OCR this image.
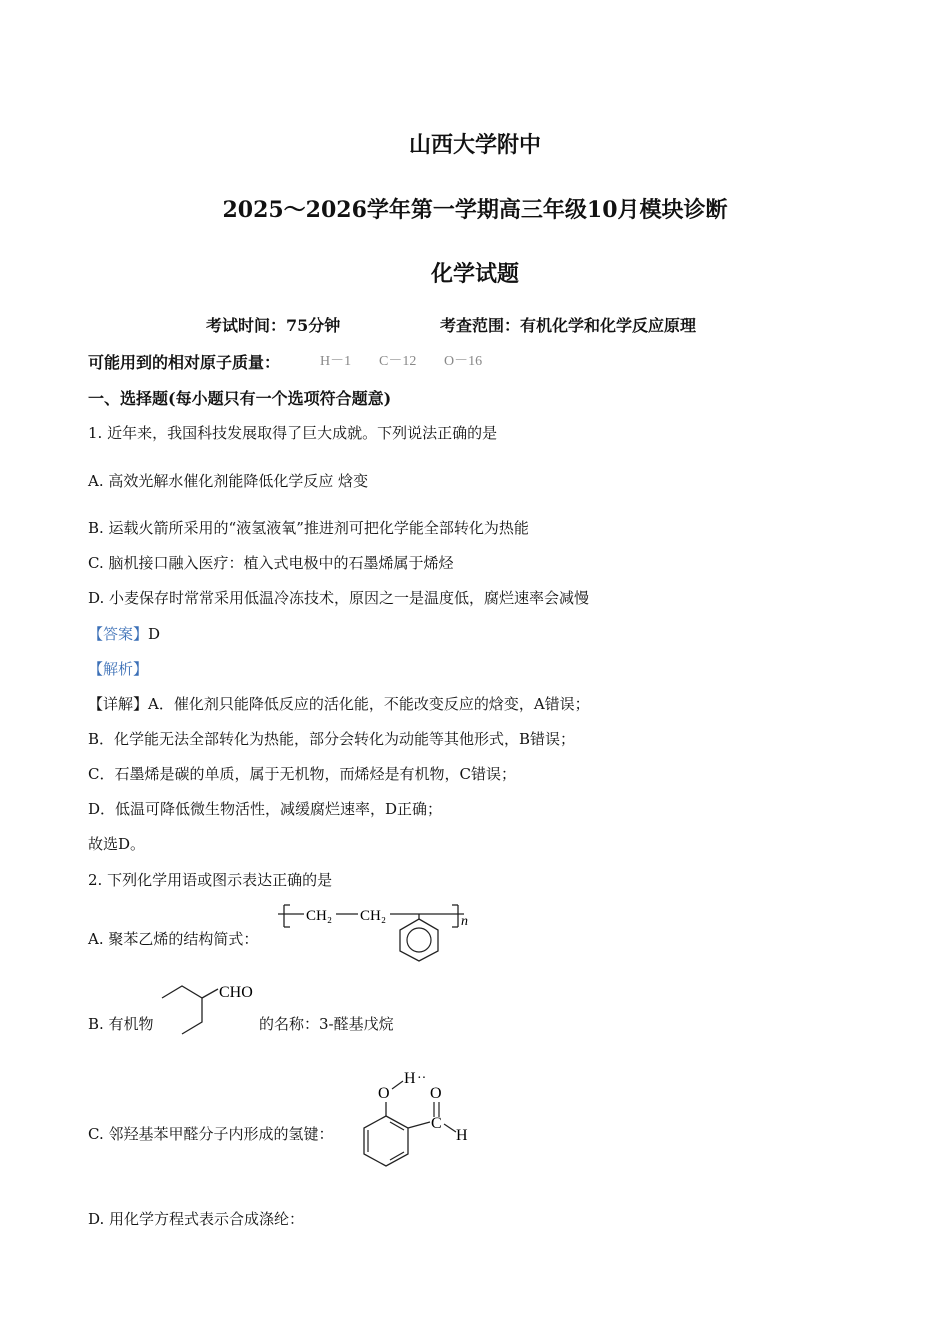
山西大学附中
2025～2026学年第一学期高三年级10月模块诊断
化学试题
考试时间：75分钟	考查范围：有机化学和化学反应原理
可能用到的相对原子质量：	H－1 C－12 O－16
一、选择题(每小题只有一个选项符合题意)
1. 近年来，我国科技发展取得了巨大成就。下列说法正确的是
A. 高效光解水催化剂能降低化学反应 焓变
B. 运载火箭所采用的“液氢液氧”推进剂可把化学能全部转化为热能
C. 脑机接口融入医疗：植入式电极中的石墨烯属于烯烃
D. 小麦保存时常常采用低温冷冻技术，原因之一是温度低，腐烂速率会减慢
【答案】D
【解析】
【详解】A．催化剂只能降低反应的活化能，不能改变反应的焓变，A错误；
B．化学能无法全部转化为热能，部分会转化为动能等其他形式，B错误；
C．石墨烯是碳的单质，属于无机物，而烯烃是有机物，C错误；
D．低温可降低微生物活性，减缓腐烂速率，D正确；
故选D。
2. 下列化学用语或图示表达正确的是
A. 聚苯乙烯的结构简式：
CH₂ CH₂	n
B. 有机物
CHO
的名称：3-醛基戊烷
C. 邻羟基苯甲醛分子内形成的氢键：
O
H ··
O
C
H
D. 用化学方程式表示合成涤纶：
